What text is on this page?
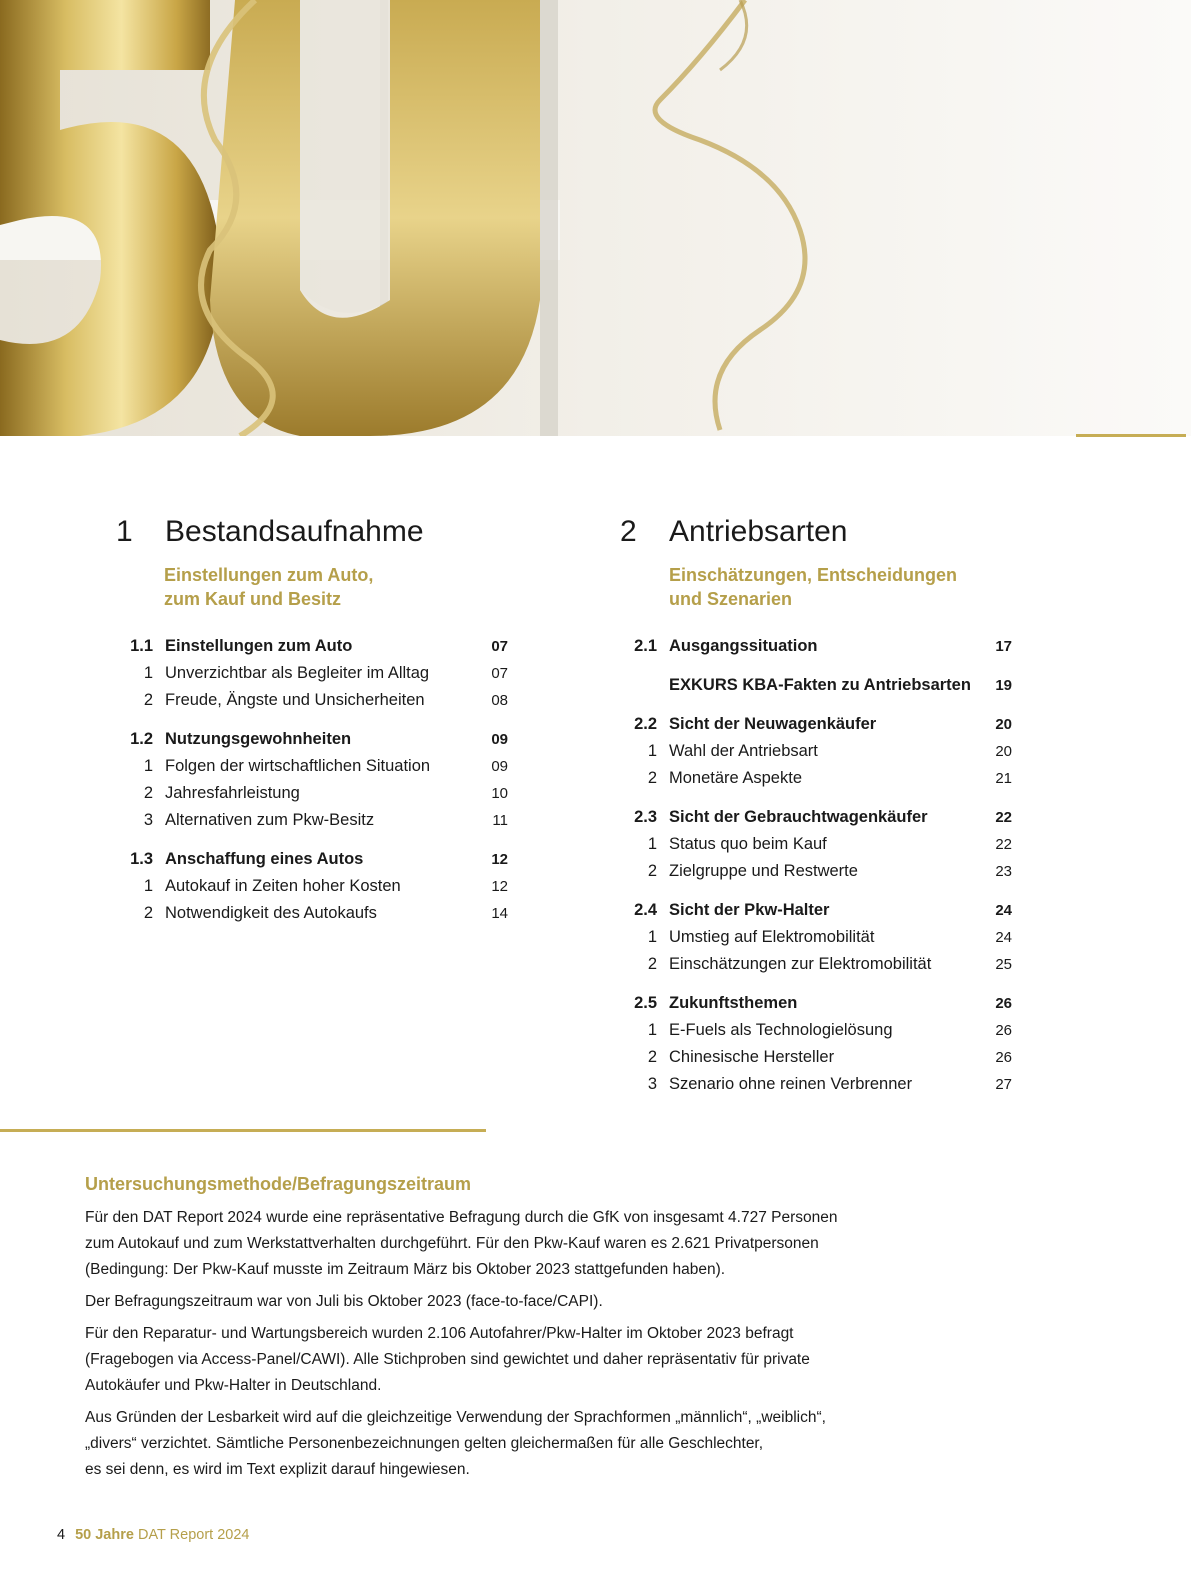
1 Bestandsaufnahme
Einstellungen zum Auto,
zum Kauf und Besitz
1.1 Einstellungen zum Auto	07
1 Unverzichtbar als Begleiter im Alltag	07
2 Freude, Ängste und Unsicherheiten	08
1.2 Nutzungsgewohnheiten	09
1 Folgen der wirtschaftlichen Situation	09
2 Jahresfahrleistung	10
3 Alternativen zum Pkw-Besitz	11
1.3 Anschaffung eines Autos	12
1 Autokauf in Zeiten hoher Kosten	12
2 Notwendigkeit des Autokaufs	14
2 Antriebsarten
Einschätzungen, Entscheidungen
und Szenarien
2.1 Ausgangssituation	17
EXKURS KBA-Fakten zu Antriebsarten 19
2.2 Sicht der Neuwagenkäufer	20
1 Wahl der Antriebsart	20
2 Monetäre Aspekte	21
2.3 Sicht der Gebrauchtwagenkäufer	22
1 Status quo beim Kauf	22
2 Zielgruppe und Restwerte	23
2.4 Sicht der Pkw-Halter	24
1 Umstieg auf Elektromobilität	24
2 Einschätzungen zur Elektromobilität	25
2.5 Zukunftsthemen	26
1 E-Fuels als Technologielösung	26
2 Chinesische Hersteller	26
3 Szenario ohne reinen Verbrenner	27
Untersuchungsmethode/Befragungszeitraum

Für den DAT Report 2024 wurde eine repräsentative Befragung durch die GfK von insgesamt 4.727 Personen
zum Autokauf und zum Werkstattverhalten durchgeführt. Für den Pkw-Kauf waren es 2.621 Privatpersonen
(Bedingung: Der Pkw-Kauf musste im Zeitraum März bis Oktober 2023 stattgefunden haben).

Der Befragungszeitraum war von Juli bis Oktober 2023 (face-to-face/CAPI).

Für den Reparatur- und Wartungsbereich wurden 2.106 Autofahrer/Pkw-Halter im Oktober 2023 befragt
(Fragebogen via Access-Panel/CAWI). Alle Stichproben sind gewichtet und daher repräsentativ für private
Autokäufer und Pkw-Halter in Deutschland.

Aus Gründen der Lesbarkeit wird auf die gleichzeitige Verwendung der Sprachformen „männlich“, „weiblich“,
„divers“ verzichtet. Sämtliche Personenbezeichnungen gelten gleichermaßen für alle Geschlechter,
es sei denn, es wird im Text explizit darauf hingewiesen.

4 50 Jahre DAT Report 2024
